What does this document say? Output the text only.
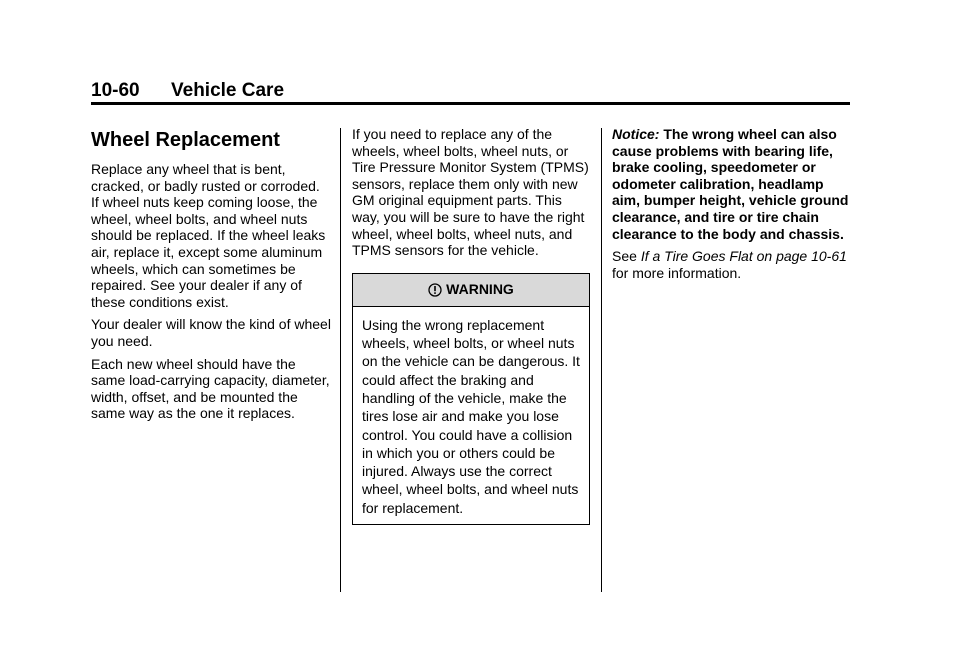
10-60 Vehicle Care
Wheel Replacement

Replace any wheel that is bent, cracked, or badly rusted or corroded. If wheel nuts keep coming loose, the wheel, wheel bolts, and wheel nuts should be replaced. If the wheel leaks air, replace it, except some aluminum wheels, which can sometimes be repaired. See your dealer if any of these conditions exist.

Your dealer will know the kind of wheel you need.

Each new wheel should have the same load-carrying capacity, diameter, width, offset, and be mounted the same way as the one it replaces.

If you need to replace any of the wheels, wheel bolts, wheel nuts, or Tire Pressure Monitor System (TPMS) sensors, replace them only with new GM original equipment parts. This way, you will be sure to have the right wheel, wheel bolts, wheel nuts, and TPMS sensors for the vehicle.

WARNING
Using the wrong replacement wheels, wheel bolts, or wheel nuts on the vehicle can be dangerous. It could affect the braking and handling of the vehicle, make the tires lose air and make you lose control. You could have a collision in which you or others could be injured. Always use the correct wheel, wheel bolts, and wheel nuts for replacement.

Notice: The wrong wheel can also cause problems with bearing life, brake cooling, speedometer or odometer calibration, headlamp aim, bumper height, vehicle ground clearance, and tire or tire chain clearance to the body and chassis.

See If a Tire Goes Flat on page 10-61 for more information.
